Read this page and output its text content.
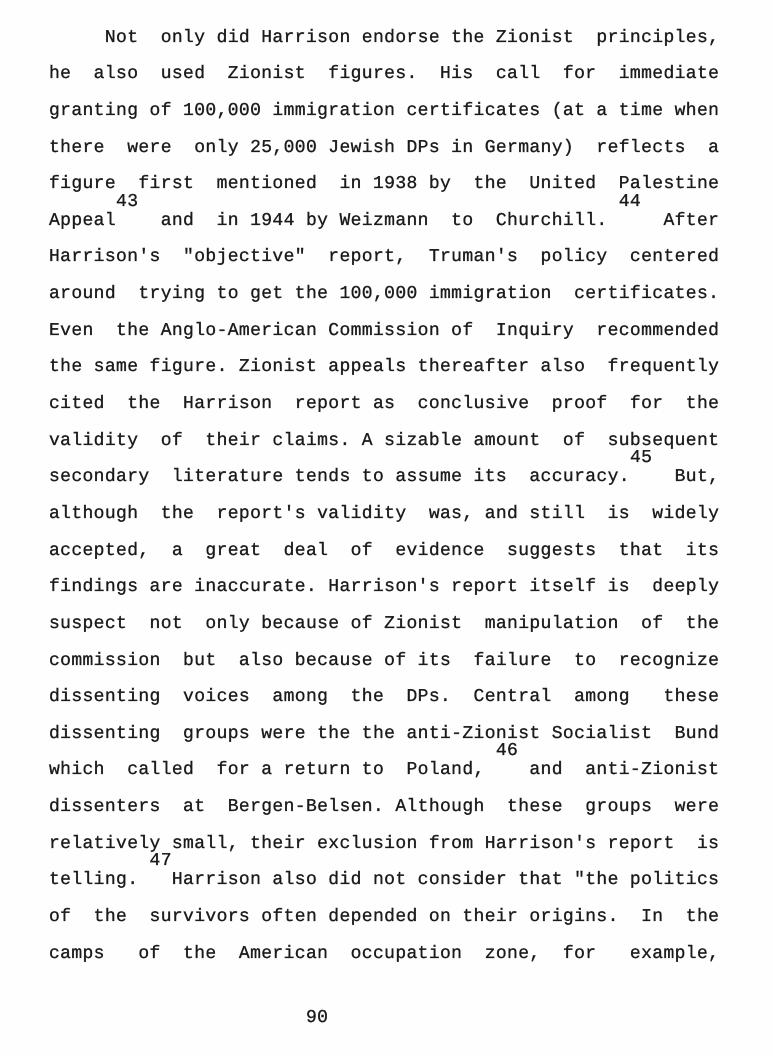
Not  only did Harrison endorse the Zionist  principles,
he  also  used  Zionist  figures.  His  call  for  immediate
granting of 100,000 immigration certificates (at a time when
there  were  only 25,000 Jewish DPs in Germany)  reflects  a
figure  first  mentioned  in 1938 by  the  United  Palestine
43	44
Appeal    and  in 1944 by Weizmann  to  Churchill.     After
Harrison's  "objective"  report,  Truman's  policy  centered
around  trying to get the 100,000 immigration  certificates.
Even  the Anglo-American Commission of  Inquiry  recommended
the same figure. Zionist appeals thereafter also  frequently
cited  the  Harrison  report as  conclusive  proof  for  the
validity  of  their claims. A sizable amount  of  subsequent
45
secondary  literature tends to assume its  accuracy.    But,
although  the  report's validity  was, and still  is  widely
accepted,  a  great  deal  of  evidence  suggests  that  its
findings are inaccurate. Harrison's report itself is  deeply
suspect  not  only because of Zionist  manipulation  of  the
commission  but  also because of its  failure  to  recognize
dissenting  voices  among  the  DPs.  Central  among   these
dissenting  groups were the the anti-Zionist Socialist  Bund
46
which  called  for a return to  Poland,    and  anti-Zionist
dissenters  at  Bergen-Belsen. Although  these  groups  were
relatively small, their exclusion from Harrison's report  is
47
telling.   Harrison also did not consider that "the politics
of  the  survivors often depended on their origins.  In  the
camps   of  the  American  occupation  zone,  for   example,
90
